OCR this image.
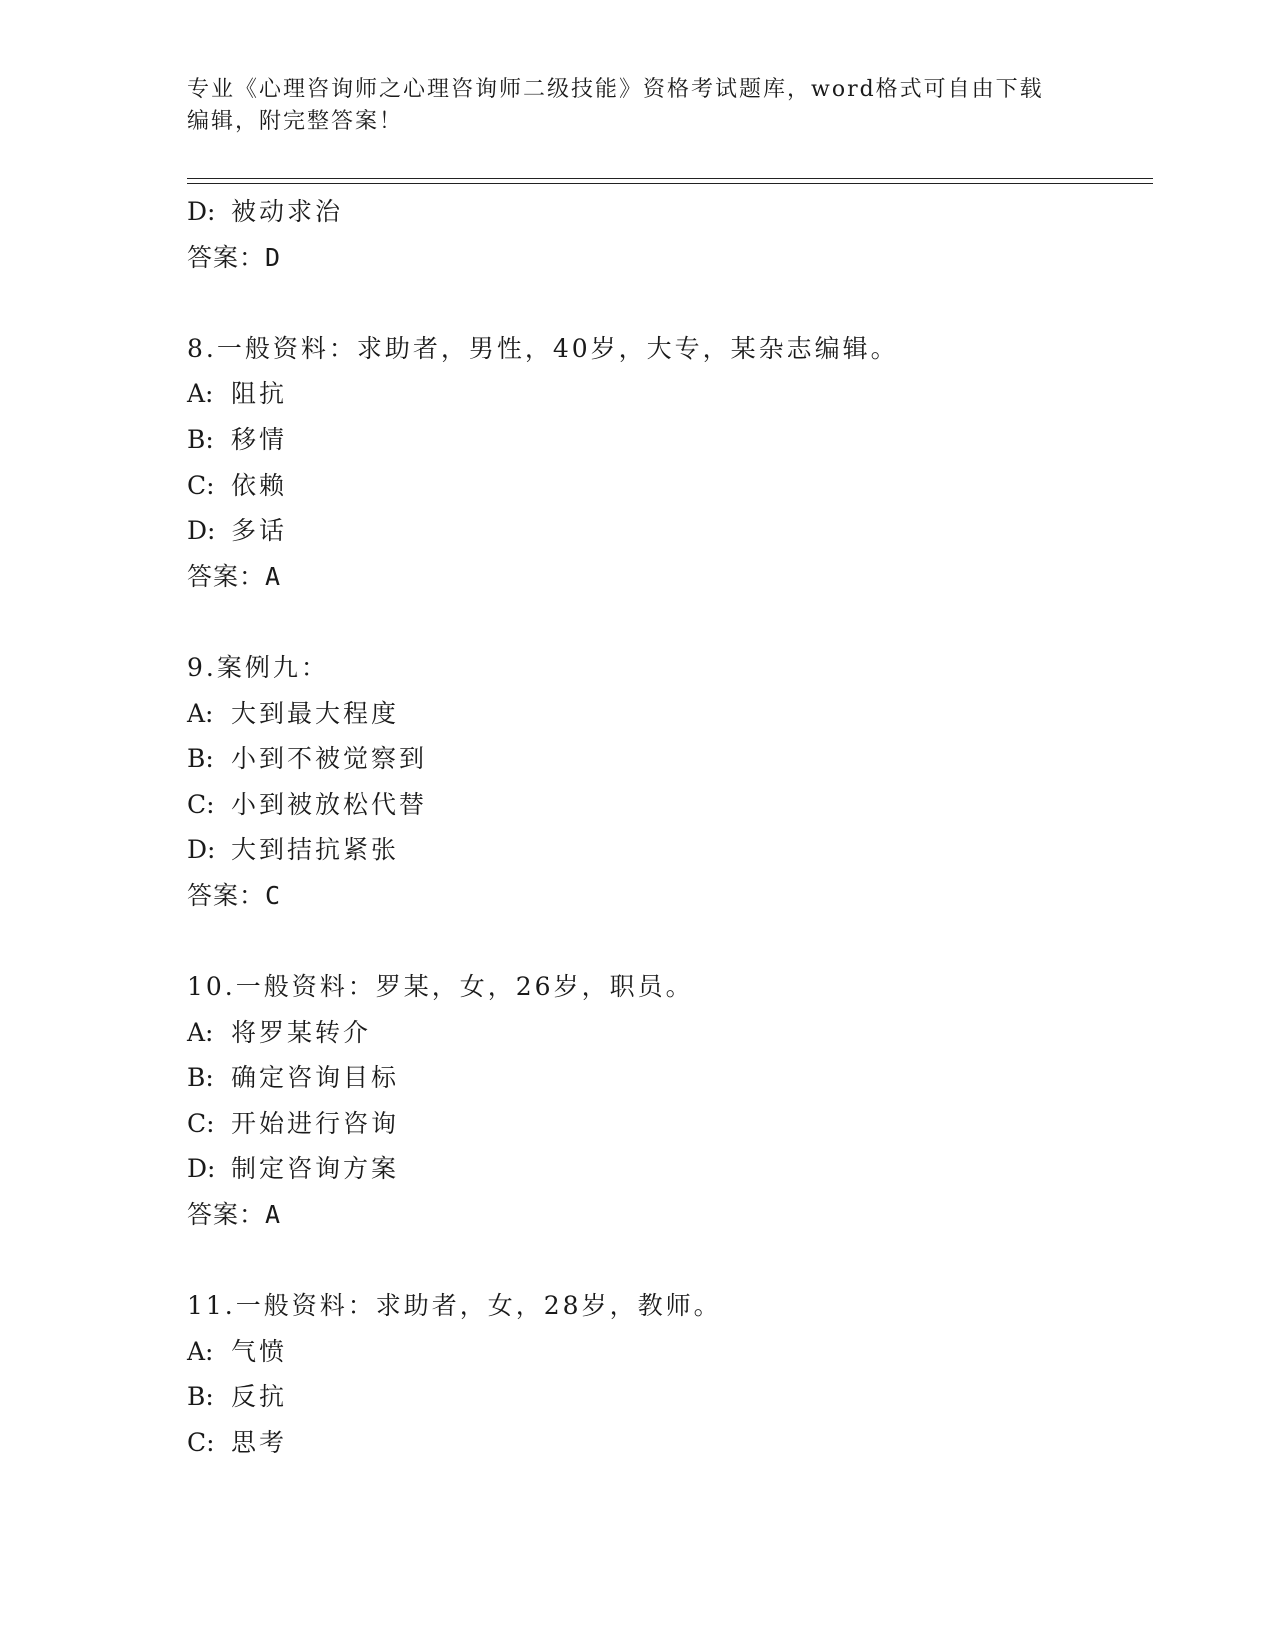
专业《心理咨询师之心理咨询师二级技能》资格考试题库，word格式可自由下载编辑，附完整答案！
D: 被动求治
答案：D
8.一般资料：求助者，男性，40岁，大专，某杂志编辑。
A: 阻抗
B: 移情
C: 依赖
D: 多话
答案：A
9.案例九：
A: 大到最大程度
B: 小到不被觉察到
C: 小到被放松代替
D: 大到拮抗紧张
答案：C
10.一般资料：罗某，女，26岁，职员。
A: 将罗某转介
B: 确定咨询目标
C: 开始进行咨询
D: 制定咨询方案
答案：A
11.一般资料：求助者，女，28岁，教师。
A: 气愤
B: 反抗
C: 思考
